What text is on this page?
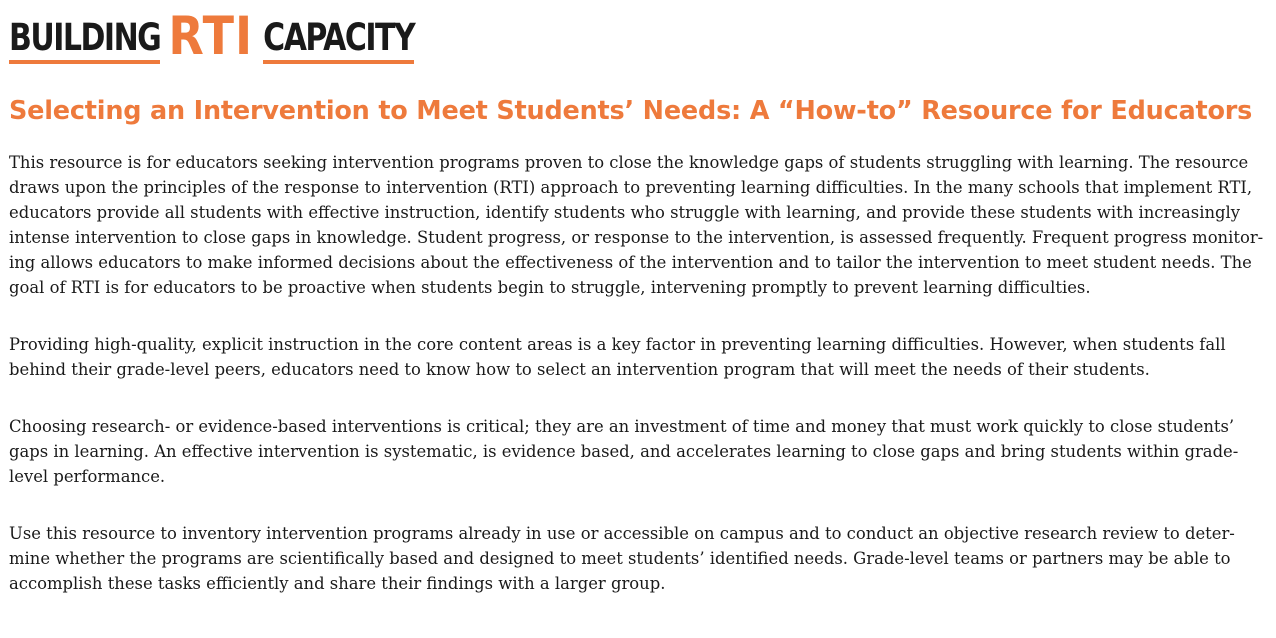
BUILDING RTI CAPACITY
Selecting an Intervention to Meet Students’ Needs: A “How-to” Resource for Educators

This resource is for educators seeking intervention programs proven to close the knowledge gaps of students struggling with learning. The resource draws upon the principles of the response to intervention (RTI) approach to preventing learning difficulties. In the many schools that implement RTI, educators provide all students with effective instruction, identify students who struggle with learning, and provide these students with increasingly intense intervention to close gaps in knowledge. Student progress, or response to the intervention, is assessed frequently. Frequent progress monitoring allows educators to make informed decisions about the effectiveness of the intervention and to tailor the intervention to meet student needs. The goal of RTI is for educators to be proactive when students begin to struggle, intervening promptly to prevent learning difficulties.

Providing high-quality, explicit instruction in the core content areas is a key factor in preventing learning difficulties. However, when students fall behind their grade-level peers, educators need to know how to select an intervention program that will meet the needs of their students.

Choosing research- or evidence-based interventions is critical; they are an investment of time and money that must work quickly to close students’ gaps in learning. An effective intervention is systematic, is evidence based, and accelerates learning to close gaps and bring students within grade-level performance.

Use this resource to inventory intervention programs already in use or accessible on campus and to conduct an objective research review to determine whether the programs are scientifically based and designed to meet students’ identified needs. Grade-level teams or partners may be able to accomplish these tasks efficiently and share their findings with a larger group.
